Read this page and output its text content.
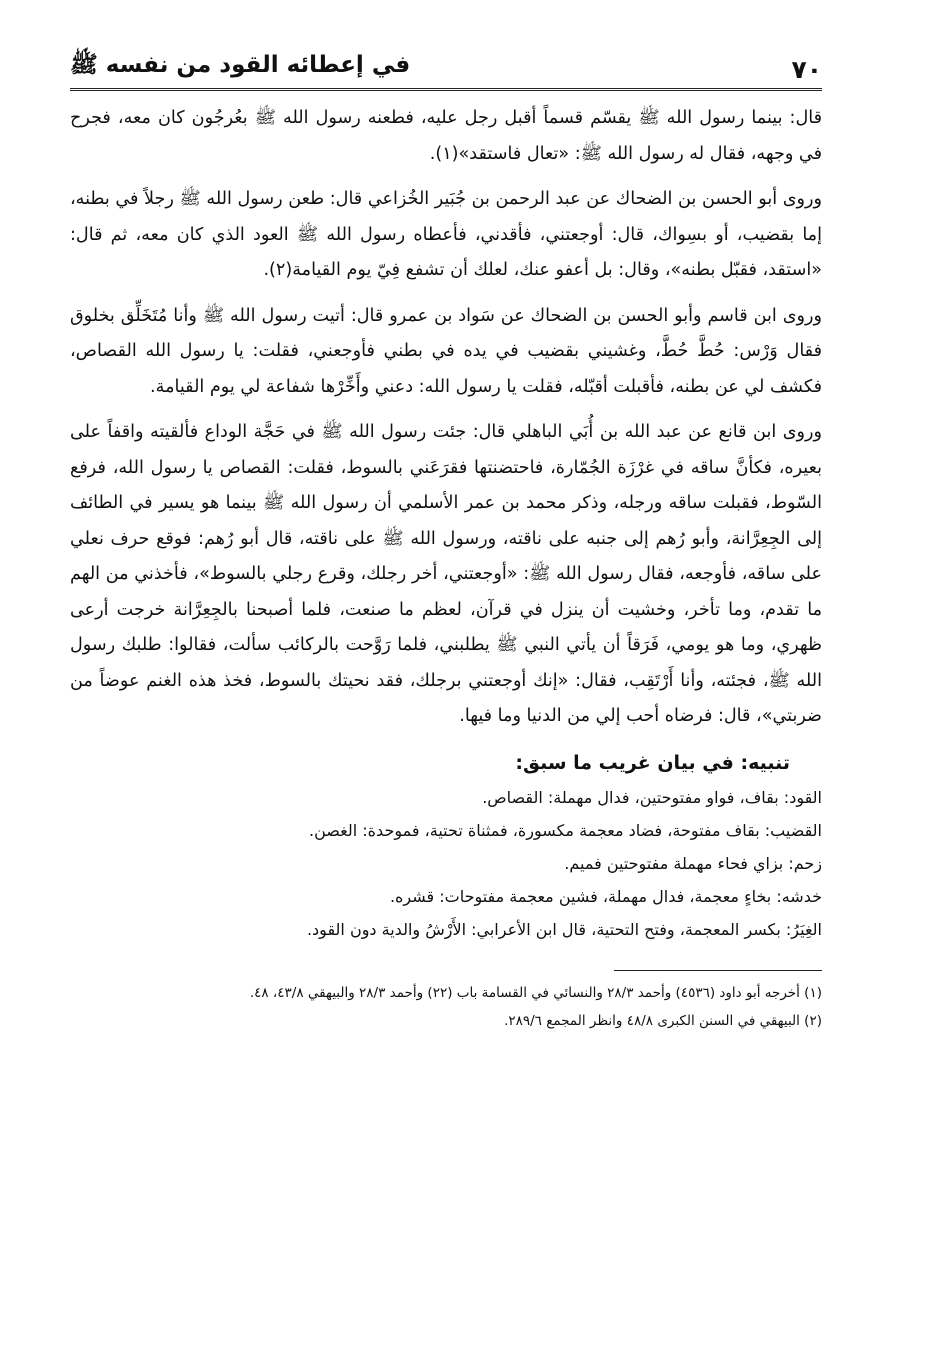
٧٠
في إعطائه القود من نفسه ﷺ

قال: بينما رسول الله ﷺ يقسّم قسماً أقبل رجل عليه، فطعنه رسول الله ﷺ بعُرجُون كان معه، فجرح في وجهه، فقال له رسول الله ﷺ: «تعال فاستقد»(١).

وروى أبو الحسن بن الضحاك عن عبد الرحمن بن جُبَير الخُزاعي قال: طعن رسول الله ﷺ رجلاً في بطنه، إما بقضيب، أو بسِواك، قال: أوجعتني، فأقدني، فأعطاه رسول الله ﷺ العود الذي كان معه، ثم قال: «استقد، فقبّل بطنه»، وقال: بل أعفو عنك، لعلك أن تشفع فِيّ يوم القيامة(٢).

وروى ابن قاسم وأبو الحسن بن الضحاك عن سَواد بن عمرو قال: أتيت رسول الله ﷺ وأنا مُتَخَلِّق بخلوق فقال وَرْس: حُطَّ حُطَّ، وغشيني بقضيب في يده في بطني فأوجعني، فقلت: يا رسول الله القصاص، فكشف لي عن بطنه، فأقبلت أقبّله، فقلت يا رسول الله: دعني وأَخِّرْها شفاعة لي يوم القيامة.

وروى ابن قانع عن عبد الله بن أُبَي الباهلي قال: جئت رسول الله ﷺ في حَجَّة الوداع فألقيته واقفاً على بعيره، فكأنَّ ساقه في غرْزَة الجُمّارة، فاحتضنتها فقرَعَني بالسوط، فقلت: القصاص يا رسول الله، فرفع السّوط، فقبلت ساقه ورجله، وذكر محمد بن عمر الأسلمي أن رسول الله ﷺ بينما هو يسير في الطائف إلى الجِعِرَّانة، وأبو رُهم إلى جنبه على ناقته، ورسول الله ﷺ على ناقته، قال أبو رُهم: فوقع حرف نعلي على ساقه، فأوجعه، فقال رسول الله ﷺ: «أوجعتني، أخر رجلك، وقرع رجلي بالسوط»، فأخذني من الهم ما تقدم، وما تأخر، وخشيت أن ينزل في قرآن، لعظم ما صنعت، فلما أصبحنا بالجِعِرَّانة خرجت أرعى ظهري، وما هو يومي، فَرَقاً أن يأتي النبي ﷺ يطلبني، فلما رَوَّحت بالركائب سألت، فقالوا: طلبك رسول الله ﷺ، فجئته، وأنا أَرْتَقِب، فقال: «إنك أوجعتني برجلك، فقد نحيتك بالسوط، فخذ هذه الغنم عوضاً من ضربتي»، قال: فرضاه أحب إلي من الدنيا وما فيها.

تنبيه: في بيان غريب ما سبق:

القود: بقاف، فواو مفتوحتين، فدال مهملة: القصاص.

القضيب: بقاف مفتوحة، فضاد معجمة مكسورة، فمثناة تحتية، فموحدة: الغصن.

زحم: بزاي فحاء مهملة مفتوحتين فميم.

خدشه: بخاءٍ معجمة، فدال مهملة، فشين معجمة مفتوحات: قشره.

الغِيَرُ: بكسر المعجمة، وفتح التحتية، قال ابن الأعرابي: الأَرْشُ والدية دون القود.

(١) أخرجه أبو داود (٤٥٣٦) وأحمد ٢٨/٣ والنسائي في القسامة باب (٢٢) وأحمد ٢٨/٣ والبيهقي ٤٣/٨، ٤٨.

(٢) البيهقي في السنن الكبرى ٤٨/٨ وانظر المجمع ٢٨٩/٦.
